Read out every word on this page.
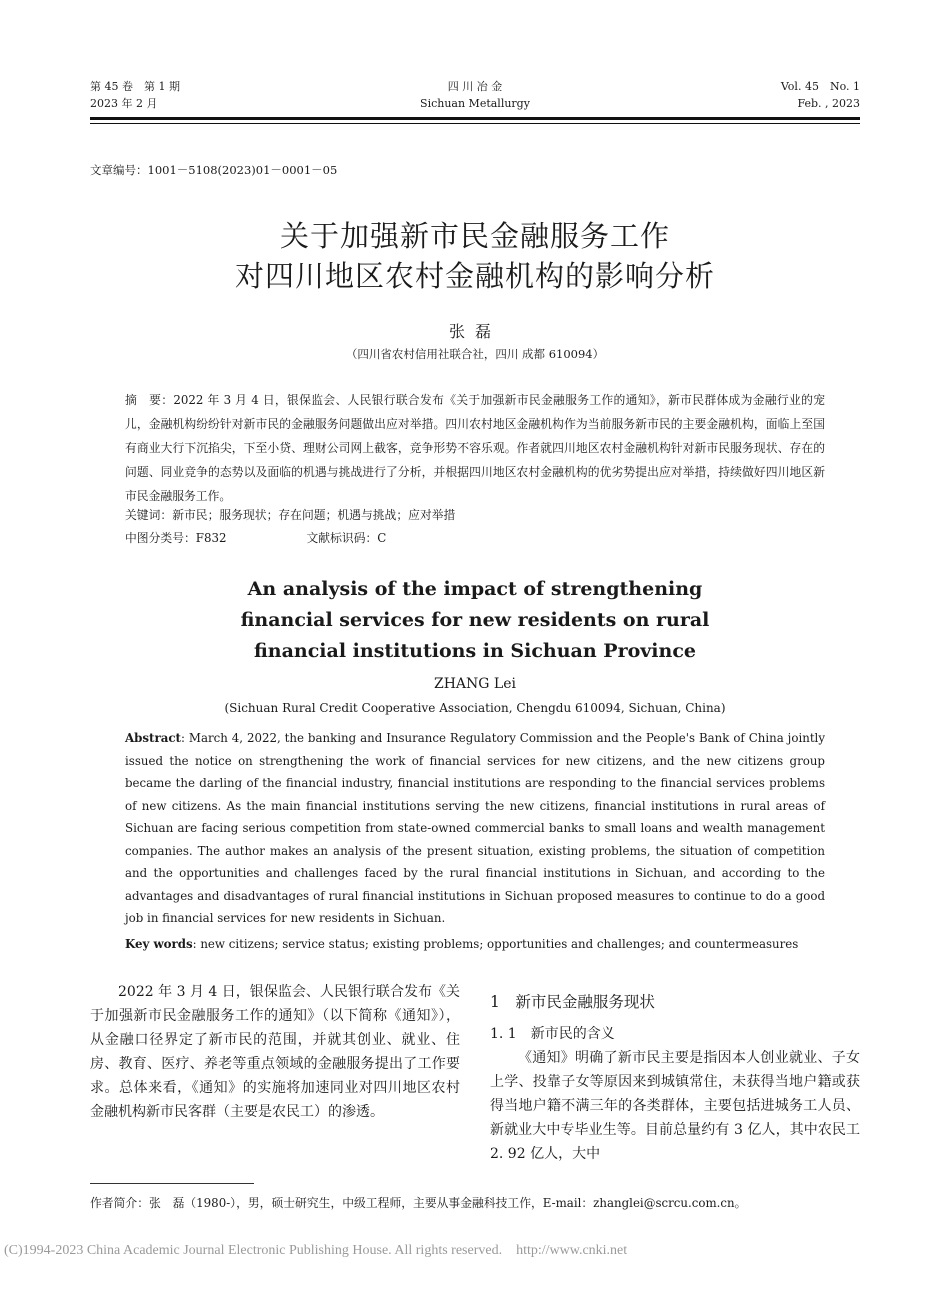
第 45 卷　第 1 期
2023 年 2 月
四 川 冶 金
Sichuan Metallurgy
Vol. 45　No. 1
Feb. , 2023
文章编号：1001－5108(2023)01－0001－05
关于加强新市民金融服务工作
对四川地区农村金融机构的影响分析
张磊
（四川省农村信用社联合社，四川 成都 610094）
摘　要：2022 年 3 月 4 日，银保监会、人民银行联合发布《关于加强新市民金融服务工作的通知》，新市民群体成为金融行业的宠儿，金融机构纷纷针对新市民的金融服务问题做出应对举措。四川农村地区金融机构作为当前服务新市民的主要金融机构，面临上至国有商业大行下沉掐尖，下至小贷、理财公司网上截客，竞争形势不容乐观。作者就四川地区农村金融机构针对新市民服务现状、存在的问题、同业竞争的态势以及面临的机遇与挑战进行了分析，并根据四川地区农村金融机构的优劣势提出应对举措，持续做好四川地区新市民金融服务工作。
关键词：新市民；服务现状；存在问题；机遇与挑战；应对举措
中图分类号：F832	文献标识码：C
An analysis of the impact of strengthening
financial services for new residents on rural
financial institutions in Sichuan Province
ZHANG Lei
(Sichuan Rural Credit Cooperative Association, Chengdu 610094, Sichuan, China)
Abstract: March 4, 2022, the banking and Insurance Regulatory Commission and the People's Bank of China jointly issued the notice on strengthening the work of financial services for new citizens, and the new citizens group became the darling of the financial industry, financial institutions are responding to the financial services problems of new citizens. As the main financial institutions serving the new citizens, financial institutions in rural areas of Sichuan are facing serious competition from state-owned commercial banks to small loans and wealth management companies. The author makes an analysis of the present situation, existing problems, the situation of competition and the opportunities and challenges faced by the rural financial institutions in Sichuan, and according to the advantages and disadvantages of rural financial institutions in Sichuan proposed measures to continue to do a good job in financial services for new residents in Sichuan.
Key words: new citizens; service status; existing problems; opportunities and challenges; and countermeasures
2022 年 3 月 4 日，银保监会、人民银行联合发布《关于加强新市民金融服务工作的通知》（以下简称《通知》），从金融口径界定了新市民的范围，并就其创业、就业、住房、教育、医疗、养老等重点领域的金融服务提出了工作要求。总体来看，《通知》的实施将加速同业对四川地区农村金融机构新市民客群（主要是农民工）的渗透。
1　新市民金融服务现状
1. 1　新市民的含义
《通知》明确了新市民主要是指因本人创业就业、子女上学、投靠子女等原因来到城镇常住，未获得当地户籍或获得当地户籍不满三年的各类群体，主要包括进城务工人员、新就业大中专毕业生等。目前总量约有 3 亿人，其中农民工 2. 92 亿人，大中
作者简介：张　磊（1980-），男，硕士研究生，中级工程师，主要从事金融科技工作，E-mail：zhanglei@scrcu.com.cn。
(C)1994-2023 China Academic Journal Electronic Publishing House. All rights reserved.    http://www.cnki.net
